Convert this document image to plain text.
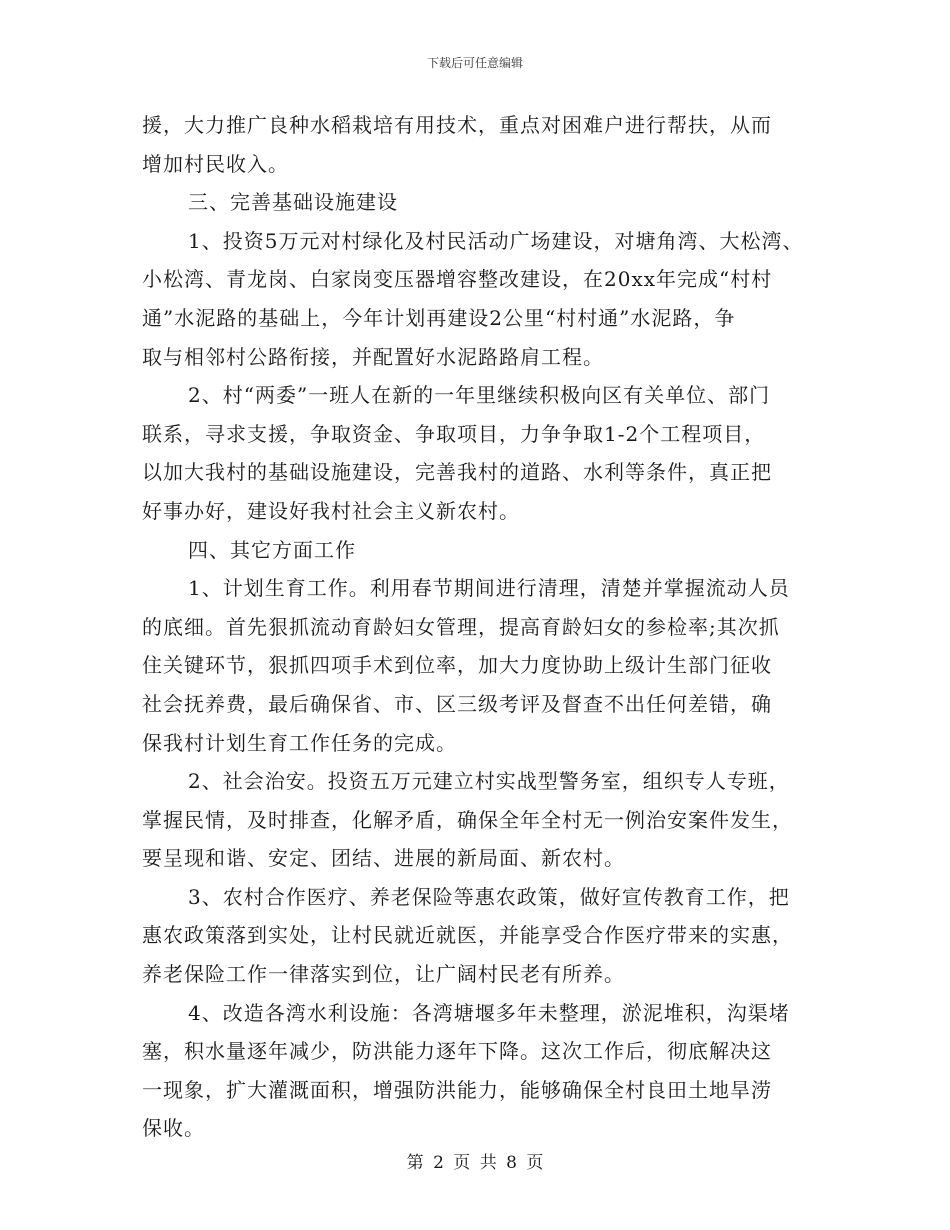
下载后可任意编辑
援，大力推广良种水稻栽培有用技术，重点对困难户进行帮扶，从而
增加村民收入。
三、完善基础设施建设
1、投资5万元对村绿化及村民活动广场建设，对塘角湾、大松湾、
小松湾、青龙岗、白家岗变压器增容整改建设，在20xx年完成“村村
通”水泥路的基础上，今年计划再建设2公里“村村通”水泥路，争
取与相邻村公路衔接，并配置好水泥路路肩工程。
2、村“两委”一班人在新的一年里继续积极向区有关单位、部门
联系，寻求支援，争取资金、争取项目，力争争取1-2个工程项目，
以加大我村的基础设施建设，完善我村的道路、水利等条件，真正把
好事办好，建设好我村社会主义新农村。
四、其它方面工作
1、计划生育工作。利用春节期间进行清理，清楚并掌握流动人员
的底细。首先狠抓流动育龄妇女管理，提高育龄妇女的参检率;其次抓
住关键环节，狠抓四项手术到位率，加大力度协助上级计生部门征收
社会抚养费，最后确保省、市、区三级考评及督查不出任何差错，确
保我村计划生育工作任务的完成。
2、社会治安。投资五万元建立村实战型警务室，组织专人专班，
掌握民情，及时排查，化解矛盾，确保全年全村无一例治安案件发生，
要呈现和谐、安定、团结、进展的新局面、新农村。
3、农村合作医疗、养老保险等惠农政策，做好宣传教育工作，把
惠农政策落到实处，让村民就近就医，并能享受合作医疗带来的实惠，
养老保险工作一律落实到位，让广阔村民老有所养。
4、改造各湾水利设施：各湾塘堰多年未整理，淤泥堆积，沟渠堵
塞，积水量逐年减少，防洪能力逐年下降。这次工作后，彻底解决这
一现象，扩大灌溉面积，增强防洪能力，能够确保全村良田土地旱涝
保收。
第 2 页 共 8 页
